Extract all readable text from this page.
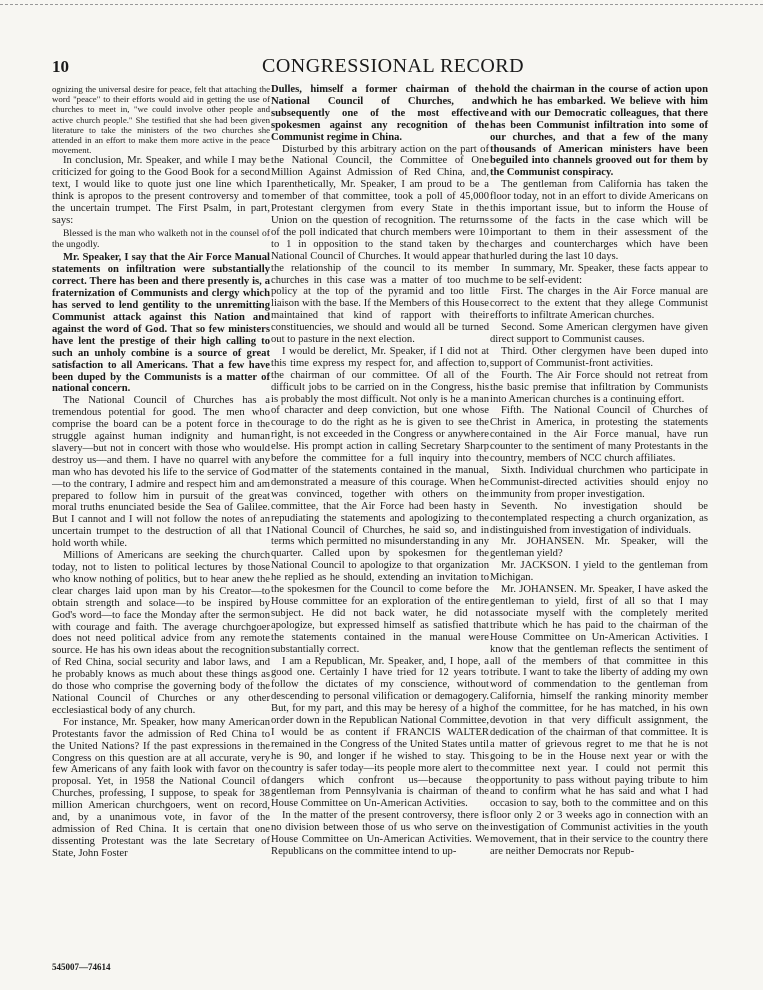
10	CONGRESSIONAL RECORD

ognizing the universal desire for peace, felt that attaching the word "peace" to their efforts would aid in getting the use of churches to meet in, "we could involve other people and active church people." She testified that she had been given literature to take the ministers of the two churches she attended in an effort to make them more active in the peace movement.

In conclusion, Mr. Speaker, and while I may be criticized for going to the Good Book for a second text, I would like to quote just one line which I think is apropos to the present controversy and to the uncertain trumpet. The First Psalm, in part, says:

Blessed is the man who walketh not in the counsel of the ungodly.

Mr. Speaker, I say that the Air Force Manual statements on infiltration were substantially correct. There has been and there presently is, a fraternization of Communists and clergy which has served to lend gentility to the unremitting Communist attack against this Nation and against the word of God. That so few ministers have lent the prestige of their high calling to such an unholy combine is a source of great satisfaction to all Americans. That a few have been duped by the Communists is a matter of national concern.

The National Council of Churches has a tremendous potential for good. The men who comprise the board can be a potent force in the struggle against human indignity and human slavery—but not in concert with those who would destroy us—and them. I have no quarrel with any man who has devoted his life to the service of God—to the contrary, I admire and respect him and am prepared to follow him in pursuit of the great moral truths enunciated beside the Sea of Galilee. But I cannot and I will not follow the notes of an uncertain trumpet to the destruction of all that I hold worth while.

Millions of Americans are seeking the church today, not to listen to political lectures by those who know nothing of politics, but to hear anew the clear charges laid upon man by his Creator—to obtain strength and solace—to be inspired by God's word—to face the Monday after the sermon with courage and faith. The average churchgoer does not need political advice from any remote source. He has his own ideas about the recognition of Red China, social security and labor laws, and he probably knows as much about these things as do those who comprise the governing body of the National Council of Churches or any other ecclesiastical body of any church.

For instance, Mr. Speaker, how many American Protestants favor the admission of Red China to the United Nations? If the past expressions in the Congress on this question are at all accurate, very few Americans of any faith look with favor on the proposal. Yet, in 1958 the National Council of Churches, professing, I suppose, to speak for 38 million American churchgoers, went on record, and, by a unanimous vote, in favor of the admission of Red China. It is certain that one dissenting Protestant was the late Secretary of State, John Foster

Dulles, himself a former chairman of the National Council of Churches, and subsequently one of the most effective spokesmen against any recognition of the Communist regime in China.

Disturbed by this arbitrary action on the part of the National Council, the Committee of One Million Against Admission of Red China, and, parenthetically, Mr. Speaker, I am proud to be a member of that committee, took a poll of 45,000 Protestant clergymen from every State in the Union on the question of recognition. The returns of the poll indicated that church members were 10 to 1 in opposition to the stand taken by the National Council of Churches. It would appear that the relationship of the council to its member churches in this case was a matter of too much policy at the top of the pyramid and too little liaison with the base. If the Members of this House maintained that kind of rapport with their constituencies, we should and would all be turned out to pasture in the next election.

I would be derelict, Mr. Speaker, if I did not at this time express my respect for, and affection to, the chairman of our committee. Of all of the difficult jobs to be carried on in the Congress, his is probably the most difficult. Not only is he a man of character and deep conviction, but one whose courage to do the right as he is given to see the right, is not exceeded in the Congress or anywhere else. His prompt action in calling Secretary Sharp before the committee for a full inquiry into the matter of the statements contained in the manual, demonstrated a measure of this courage. When he was convinced, together with others on the committee, that the Air Force had been hasty in repudiating the statements and apologizing to the National Council of Churches, he said so, and in terms which permitted no misunderstanding in any quarter. Called upon by spokesmen for the National Council to apologize to that organization he replied as he should, extending an invitation to the spokesmen for the Council to come before the House committee for an exploration of the entire subject. He did not back water, he did not apologize, but expressed himself as satisfied that the statements contained in the manual were substantially correct.

I am a Republican, Mr. Speaker, and, I hope, a good one. Certainly I have tried for 12 years to follow the dictates of my conscience, without descending to personal vilification or demagogery. But, for my part, and this may be heresy of a high order down in the Republican National Committee, I would be as content if FRANCIS WALTER remained in the Congress of the United States until he is 90, and longer if he wished to stay. This country is safer today—its people more alert to the dangers which confront us—because the gentleman from Pennsylvania is chairman of the House Committee on Un-American Activities.

In the matter of the present controversy, there is no division between those of us who serve on the House Committee on Un-American Activities. We Republicans on the committee intend to up-

hold the chairman in the course of action upon which he has embarked. We believe with him and with our Democratic colleagues, that there has been Communist infiltration into some of our churches, and that a few of the many thousands of American ministers have been beguiled into channels grooved out for them by the Communist conspiracy.

The gentleman from California has taken the floor today, not in an effort to divide Americans on this important issue, but to inform the House of some of the facts in the case which will be important to them in their assessment of the charges and countercharges which have been hurled during the last 10 days.

In summary, Mr. Speaker, these facts appear to me to be self-evident:

First. The charges in the Air Force manual are correct to the extent that they allege Communist efforts to infiltrate American churches.

Second. Some American clergymen have given direct support to Communist causes.

Third. Other clergymen have been duped into support of Communist-front activities.

Fourth. The Air Force should not retreat from the basic premise that infiltration by Communists into American churches is a continuing effort.

Fifth. The National Council of Churches of Christ in America, in protesting the statements contained in the Air Force manual, have run counter to the sentiment of many Protestants in the country, members of NCC church affiliates.

Sixth. Individual churchmen who participate in Communist-directed activities should enjoy no immunity from proper investigation.

Seventh. No investigation should be contemplated respecting a church organization, as distinguished from investigation of individuals.

Mr. JOHANSEN. Mr. Speaker, will the gentleman yield?

Mr. JACKSON. I yield to the gentleman from Michigan.

Mr. JOHANSEN. Mr. Speaker, I have asked the gentleman to yield, first of all so that I may associate myself with the completely merited tribute which he has paid to the chairman of the House Committee on Un-American Activities. I know that the gentleman reflects the sentiment of all of the members of that committee in this tribute. I want to take the liberty of adding my own word of commendation to the gentleman from California, himself the ranking minority member of the committee, for he has matched, in his own devotion in that very difficult assignment, the dedication of the chairman of that committee. It is a matter of grievous regret to me that he is not going to be in the House next year or with the committee next year. I could not permit this opportunity to pass without paying tribute to him and to confirm what he has said and what I had occasion to say, both to the committee and on this floor only 2 or 3 weeks ago in connection with an investigation of Communist activities in the youth movement, that in their service to the country there are neither Democrats nor Repub-

545007—74614
